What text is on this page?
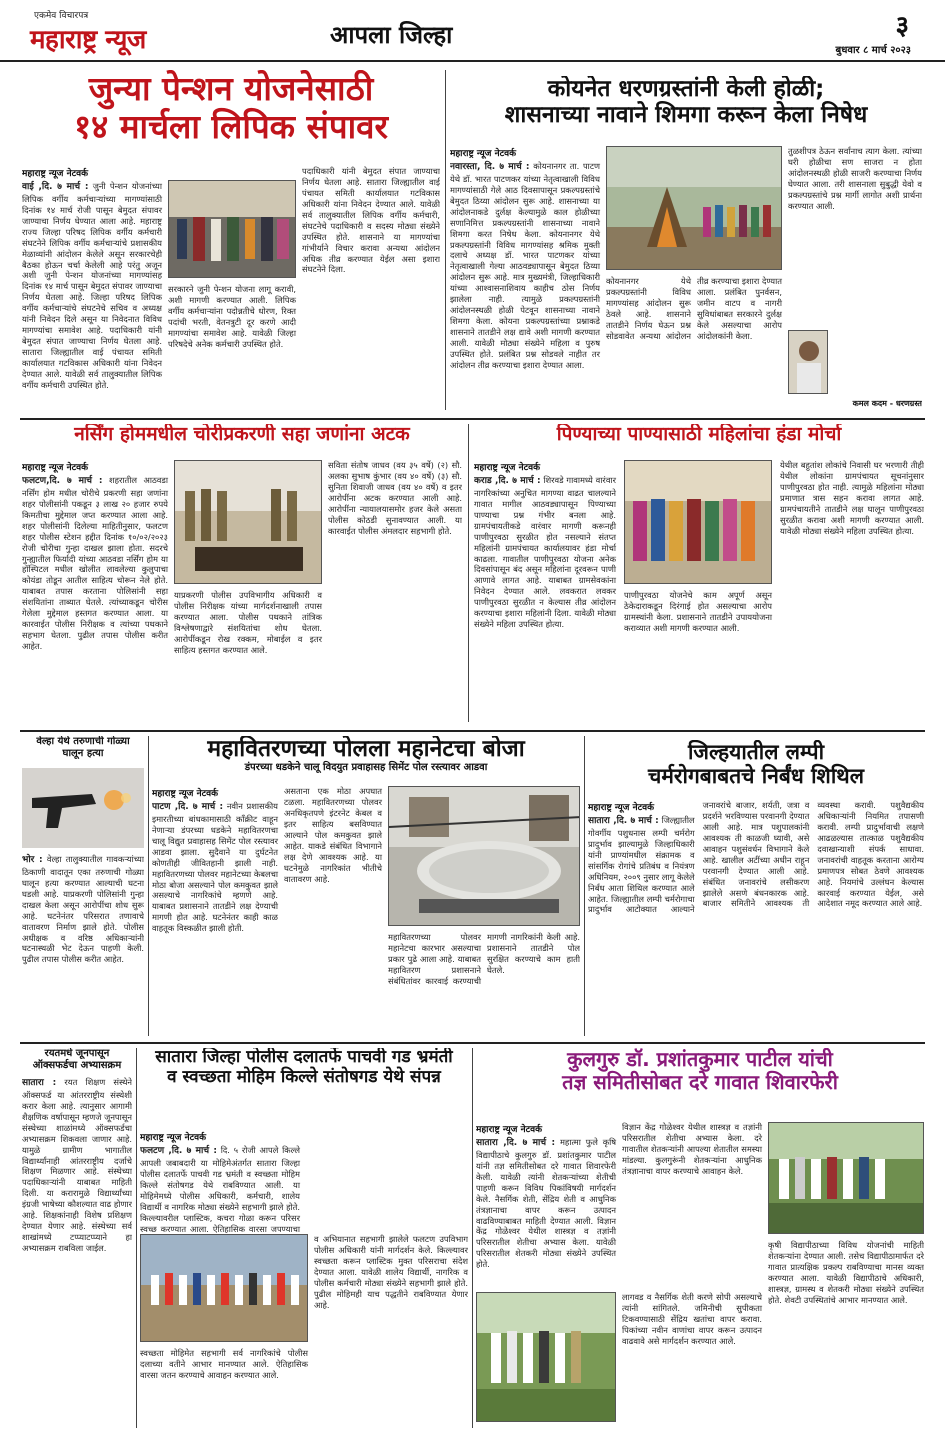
एकमेव विचारपत्र
महाराष्ट्र न्यूज	आपला जिल्हा	३
बुधवार ८ मार्च २०२३
जुन्या पेन्शन योजनेसाठी
१४ मार्चला लिपिक संपावर
महाराष्ट्र न्यूज नेटवर्क
वाई ,दि. ७ मार्च : जुनी पेन्शन योजनांच्या लिपिक वर्गीय कर्मचाऱ्यांच्या मागण्यांसाठी दिनांक १४ मार्च रोजी पासून बेमुदत संपावर जाण्याचा निर्णय घेण्यात आला आहे. महाराष्ट्र राज्य जिल्हा परिषद लिपिक वर्गीय कर्मचारी संघटनेने लिपिक वर्गीय कर्मचाऱ्यांचे प्रशासकीय मेळाव्यांनी आंदोलन केलेले असून सरकारचेही बैठका होऊन चर्चा केलेली आहे परंतु अजून अशी जुनी पेन्शन योजनांच्या मागण्यांसह दिनांक १४ मार्च पासून बेमुदत संपावर जाण्याचा निर्णय घेतला आहे. जिल्हा परिषद लिपिक वर्गीय कर्मचाऱ्यांचे संघटनेचे सचिव व अध्यक्ष यांनी निवेदन दिले असून या निवेदनात विविध मागण्यांचा समावेश आहे. पदाधिकारी यांनी बेमुदत संपात जाण्याचा निर्णय घेतला आहे. सातारा जिल्ह्यातील वाई पंचायत समिती कार्यालयात गटविकास अधिकारी यांना निवेदन देण्यात आले. यावेळी सर्व तालुक्यातील लिपिक वर्गीय कर्मचारी उपस्थित होते.
सरकारने जुनी पेन्शन योजना लागू करावी, अशी मागणी करण्यात आली. लिपिक वर्गीय कर्मचाऱ्यांना पदोन्नतीचे धोरण, रिक्त पदांची भरती, वेतनत्रुटी दूर करणे आदी मागण्यांचा समावेश आहे. यावेळी जिल्हा परिषदेचे अनेक कर्मचारी उपस्थित होते.
पदाधिकारी यांनी बेमुदत संपात जाण्याचा निर्णय घेतला आहे. सातारा जिल्ह्यातील वाई पंचायत समिती कार्यालयात गटविकास अधिकारी यांना निवेदन देण्यात आले. यावेळी सर्व तालुक्यातील लिपिक वर्गीय कर्मचारी, संघटनेचे पदाधिकारी व सदस्य मोठ्या संख्येने उपस्थित होते. शासनाने या मागण्यांचा गांभीर्याने विचार करावा अन्यथा आंदोलन अधिक तीव्र करण्यात येईल असा इशारा संघटनेने दिला.
कोयनेत धरणग्रस्तांनी केली होळी;
शासनाच्या नावाने शिमगा करून केला निषेध
महाराष्ट्र न्यूज नेटवर्क
नवारस्ता, दि. ७ मार्च : कोयनानगर ता. पाटण येथे डॉ. भारत पाटणकर यांच्या नेतृत्वाखाली विविध मागण्यांसाठी गेले आठ दिवसापासून प्रकल्पग्रस्तांचे बेमुदत ठिय्या आंदोलन सुरू आहे. शासनाच्या या आंदोलनाकडे दुर्लक्ष केल्यामुळे काल होळीच्या सणानिमित्त प्रकल्पग्रस्तांनी शासनाच्या नावाने शिमगा करत निषेध केला. कोयनानगर येथे प्रकल्पग्रस्तांनी विविध मागण्यांसह श्रमिक मुक्ती दलाचे अध्यक्ष डॉ. भारत पाटणकर यांच्या नेतृत्वाखाली गेल्या आठवड्यापासून बेमुदत ठिय्या आंदोलन सुरू आहे. मात्र मुख्यमंत्री, जिल्हाधिकारी यांच्या आश्वासनाशिवाय काहीच ठोस निर्णय झालेला नाही. त्यामुळे प्रकल्पग्रस्तांनी आंदोलनस्थळी होळी पेटवून शासनाच्या नावाने शिमगा केला. कोयना प्रकल्पग्रस्तांच्या प्रश्नाकडे शासनाने तातडीने लक्ष द्यावे अशी मागणी करण्यात आली. यावेळी मोठ्या संख्येने महिला व पुरुष उपस्थित होते. प्रलंबित प्रश्न सोडवले नाहीत तर आंदोलन तीव्र करण्याचा इशारा देण्यात आला.
कोयनानगर येथे प्रकल्पग्रस्तांनी विविध मागण्यांसह आंदोलन सुरू ठेवले आहे. शासनाने तातडीने निर्णय घेऊन प्रश्न सोडवावेत अन्यथा आंदोलन तीव्र करण्याचा इशारा देण्यात आला. प्रलंबित पुनर्वसन, जमीन वाटप व नागरी सुविधांबाबत सरकारने दुर्लक्ष केले असल्याचा आरोप आंदोलकांनी केला.
तुळशीपत्र ठेऊन सर्वांनाच त्याग केला. त्यांच्या घरी होळीचा सण साजरा न होता आंदोलनस्थळी होळी साजरी करण्याचा निर्णय घेण्यात आला. तरी शासनाला सुबुद्धी येवो व प्रकल्पग्रस्तांचे प्रश्न मार्गी लागोत अशी प्रार्थना करण्यात आली.
कमल कदम - धरणग्रस्त
नर्सिंग होममधील चोरीप्रकरणी सहा जणांना अटक
महाराष्ट्र न्यूज नेटवर्क
फलटण,दि. ७ मार्च : शहरातील आठवडा नर्सिंग होम मधील चोरीचे प्रकरणी सहा जणांना शहर पोलीसांनी पकडून ३ लाख २० हजार रुपये किमतीचा मुद्देमाल जप्त करण्यात आला आहे. शहर पोलीसांनी दिलेल्या माहितीनुसार, फलटण शहर पोलीस स्टेशन हद्दीत दिनांक १०/०२/२०२३ रोजी चोरीचा गुन्हा दाखल झाला होता. सदरचे गुन्ह्यातील फिर्यादी यांच्या आठवडा नर्सिंग होम या हॉस्पिटल मधील खोलीत लावलेल्या कुलुपाचा कोयंडा तोडून आतील साहित्य चोरून नेले होते. याबाबत तपास करताना पोलिसांनी सहा संशयितांना ताब्यात घेतले. त्यांच्याकडून चोरीस गेलेला मुद्देमाल हस्तगत करण्यात आला. या कारवाईत पोलीस निरीक्षक व त्यांच्या पथकाने सहभाग घेतला. पुढील तपास पोलीस करीत आहेत.
याप्रकरणी पोलीस उपविभागीय अधिकारी व पोलीस निरीक्षक यांच्या मार्गदर्शनाखाली तपास करण्यात आला. पोलीस पथकाने तांत्रिक विश्लेषणाद्वारे संशयितांचा शोध घेतला. आरोपींकडून रोख रक्कम, मोबाईल व इतर साहित्य हस्तगत करण्यात आले.
सविता संतोष जाधव (वय ३५ वर्षे) (२) सौ. अलका सुभाष कुंभार (वय ४० वर्षे) (३) सौ. सुनिता शिवाजी जाधव (वय ४० वर्षे) व इतर आरोपींना अटक करण्यात आली आहे. आरोपींना न्यायालयासमोर हजर केले असता पोलीस कोठडी सुनावण्यात आली. या कारवाईत पोलीस अंमलदार सहभागी होते.
पिण्याच्या पाण्यासाठी महिलांचा हंडा मोर्चा
महाराष्ट्र न्यूज नेटवर्क
कराड ,दि. ७ मार्च : शिरवडे गावामध्ये वारंवार नागरिकांच्या अनुचित मागण्या वाढत चालल्याने गावात मागील आठवड्यापासून पिण्याच्या पाण्याचा प्रश्न गंभीर बनला आहे. ग्रामपंचायतीकडे वारंवार मागणी करूनही पाणीपुरवठा सुरळीत होत नसल्याने संतप्त महिलांनी ग्रामपंचायत कार्यालयावर हंडा मोर्चा काढला. गावातील पाणीपुरवठा योजना अनेक दिवसांपासून बंद असून महिलांना दूरवरून पाणी आणावे लागत आहे. याबाबत ग्रामसेवकांना निवेदन देण्यात आले. लवकरात लवकर पाणीपुरवठा सुरळीत न केल्यास तीव्र आंदोलन करण्याचा इशारा महिलांनी दिला. यावेळी मोठ्या संख्येने महिला उपस्थित होत्या.
पाणीपुरवठा योजनेचे काम अपूर्ण असून ठेकेदाराकडून दिरंगाई होत असल्याचा आरोप ग्रामस्थांनी केला. प्रशासनाने तातडीने उपाययोजना कराव्यात अशी मागणी करण्यात आली.
येथील बहुतांश लोकांचे निवासी घर भरणारी तीही येथील लोकांना ग्रामपंचायत सूचनांनुसार पाणीपुरवठा होत नाही. त्यामुळे महिलांना मोठ्या प्रमाणात त्रास सहन करावा लागत आहे. ग्रामपंचायतीने तातडीने लक्ष घालून पाणीपुरवठा सुरळीत करावा अशी मागणी करण्यात आली. यावेळी मोठ्या संख्येने महिला उपस्थित होत्या.
वेल्हा येथे तरुणाची गोळ्या
घालून हत्या
भोर : वेल्हा तालुक्यातील गावकऱ्यांच्या ठिकाणी वादातून एका तरुणाची गोळ्या घालून हत्या करण्यात आल्याची घटना घडली आहे. याप्रकरणी पोलिसांनी गुन्हा दाखल केला असून आरोपींचा शोध सुरू आहे. घटनेनंतर परिसरात तणावाचे वातावरण निर्माण झाले होते. पोलीस अधीक्षक व वरिष्ठ अधिकाऱ्यांनी घटनास्थळी भेट देऊन पाहणी केली. पुढील तपास पोलीस करीत आहेत.
महावितरणच्या पोलला महानेटचा बोजा
डंपरच्या धडकेने चालू विदयुत प्रवाहासह सिमेंट पोल रस्त्यावर आडवा
महाराष्ट्र न्यूज नेटवर्क
पाटण ,दि. ७ मार्च : नवीन प्रशासकीय इमारतीच्या बांधकामासाठी काँक्रीट वाहून नेणाऱ्या डंपरच्या धडकेने महावितरणचा चालू विद्युत प्रवाहासह सिमेंट पोल रस्त्यावर आडवा झाला. सुदैवाने या दुर्घटनेत कोणतीही जीवितहानी झाली नाही. महावितरणच्या पोलवर महानेटच्या केबलचा मोठा बोजा असल्याने पोल कमकुवत झाले असल्याचे नागरिकांचे म्हणणे आहे. याबाबत प्रशासनाने तातडीने लक्ष देण्याची मागणी होत आहे. घटनेनंतर काही काळ वाहतूक विस्कळीत झाली होती.
असताना एक मोठा अपघात टळला. महावितरणच्या पोलवर अनधिकृतपणे इंटरनेट केबल व इतर साहित्य बसविण्यात आल्याने पोल कमकुवत झाले आहेत. याकडे संबंधित विभागाने लक्ष देणे आवश्यक आहे. या घटनेमुळे नागरिकांत भीतीचे वातावरण आहे.
महावितरणच्या पोलवर महानेटचा कारभार असल्याचा प्रकार पुढे आला आहे. याबाबत महावितरण प्रशासनाने संबंधितांवर कारवाई करण्याची मागणी नागरिकांनी केली आहे. प्रशासनाने तातडीने पोल सुरक्षित करण्याचे काम हाती घेतले.
जिल्हयातील लम्पी
चर्मरोगबाबतचे निर्बंध शिथिल
महाराष्ट्र न्यूज नेटवर्क
सातारा ,दि. ७ मार्च : जिल्ह्यातील गोवर्गीय पशुधनास लम्पी चर्मरोग प्रादुर्भाव झाल्यामुळे जिल्हाधिकारी यांनी प्राण्यांमधील संक्रामक व सांसर्गिक रोगांचे प्रतिबंध व नियंत्रण अधिनियम, २००९ नुसार लागू केलेले निर्बंध आता शिथिल करण्यात आले आहेत. जिल्ह्यातील लम्पी चर्मरोगाचा प्रादुर्भाव आटोक्यात आल्याने जनावरांचे बाजार, शर्यती, जत्रा व प्रदर्शने भरविण्यास परवानगी देण्यात आली आहे. मात्र पशुपालकांनी आवश्यक ती काळजी घ्यावी, असे आवाहन पशुसंवर्धन विभागाने केले आहे. खालील अटींच्या अधीन राहून परवानगी देण्यात आली आहे. संबंधित जनावरांचे लसीकरण झालेले असणे बंधनकारक आहे. बाजार समितीने आवश्यक ती व्यवस्था करावी. पशुवैद्यकीय अधिकाऱ्यांनी नियमित तपासणी करावी. लम्पी प्रादुर्भावाची लक्षणे आढळल्यास तात्काळ पशुवैद्यकीय दवाखान्याशी संपर्क साधावा. जनावरांची वाहतूक करताना आरोग्य प्रमाणपत्र सोबत ठेवणे आवश्यक आहे. नियमांचे उल्लंघन केल्यास कारवाई करण्यात येईल, असे आदेशात नमूद करण्यात आले आहे.
रयतमधे जूनपासून
ऑक्सफर्डचा अभ्यासक्रम
सातारा : रयत शिक्षण संस्थेने ऑक्सफर्ड या आंतरराष्ट्रीय संस्थेशी करार केला आहे. त्यानुसार आगामी शैक्षणिक वर्षापासून म्हणजे जूनपासून संस्थेच्या शाळांमध्ये ऑक्सफर्डचा अभ्यासक्रम शिकवला जाणार आहे. यामुळे ग्रामीण भागातील विद्यार्थ्यांनाही आंतरराष्ट्रीय दर्जाचे शिक्षण मिळणार आहे. संस्थेच्या पदाधिकाऱ्यांनी याबाबत माहिती दिली. या करारामुळे विद्यार्थ्यांच्या इंग्रजी भाषेच्या कौशल्यात वाढ होणार आहे. शिक्षकांनाही विशेष प्रशिक्षण देण्यात येणार आहे. संस्थेच्या सर्व शाखांमध्ये टप्प्याटप्प्याने हा अभ्यासक्रम राबविला जाईल.
सातारा जिल्हा पोलीस दलातर्फे पाचवी गड भ्रमंती
व स्वच्छता मोहिम किल्ले संतोषगड येथे संपन्न
महाराष्ट्र न्यूज नेटवर्क
फलटण ,दि. ७ मार्च : दि. ५ रोजी आपले किल्ले आपली जबाबदारी या मोहिमेअंतर्गत सातारा जिल्हा पोलीस दलातर्फे पाचवी गड भ्रमंती व स्वच्छता मोहिम किल्ले संतोषगड येथे राबविण्यात आली. या मोहिमेमध्ये पोलीस अधिकारी, कर्मचारी, शालेय विद्यार्थी व नागरिक मोठ्या संख्येने सहभागी झाले होते. किल्ल्यावरील प्लास्टिक, कचरा गोळा करून परिसर स्वच्छ करण्यात आला. ऐतिहासिक वारसा जपण्याचा
व अभियानात सहभागी झालेले फलटण उपविभाग पोलीस अधिकारी यांनी मार्गदर्शन केले. किल्ल्यावर स्वच्छता करून प्लास्टिक मुक्त परिसराचा संदेश देण्यात आला. यावेळी शालेय विद्यार्थी, नागरिक व पोलीस कर्मचारी मोठ्या संख्येने सहभागी झाले होते. पुढील मोहिमही याच पद्धतीने राबविण्यात येणार आहे.
स्वच्छता मोहिमेत सहभागी सर्व नागरिकांचे पोलीस दलाच्या वतीने आभार मानण्यात आले. ऐतिहासिक वारसा जतन करण्याचे आवाहन करण्यात आले.
कुलगुरु डॉ. प्रशांतकुमार पाटील यांची
तज्ञ समितीसोबत दरे गावात शिवारफेरी
महाराष्ट्र न्यूज नेटवर्क
सातारा ,दि. ७ मार्च : महात्मा फुले कृषि विद्यापीठाचे कुलगुरु डॉ. प्रशांतकुमार पाटील यांनी तज्ञ समितीसोबत दरे गावात शिवारफेरी केली. यावेळी त्यांनी शेतकऱ्यांच्या शेतीची पाहणी करून विविध पिकांविषयी मार्गदर्शन केले. नैसर्गिक शेती, सेंद्रिय शेती व आधुनिक तंत्रज्ञानाचा वापर करून उत्पादन वाढविण्याबाबत माहिती देण्यात आली. विज्ञान केंद्र गोळेश्वर येथील शास्त्रज्ञ व तज्ञांनी परिसरातील शेतीचा अभ्यास केला. यावेळी परिसरातील शेतकरी मोठ्या संख्येने उपस्थित होते.
विज्ञान केंद्र गोळेश्वर येथील शास्त्रज्ञ व तज्ञांनी परिसरातील शेतीचा अभ्यास केला. दरे गावातील शेतकऱ्यांनी आपल्या शेतातील समस्या मांडल्या. कुलगुरूंनी शेतकऱ्यांना आधुनिक तंत्रज्ञानाचा वापर करण्याचे आवाहन केले.
लागवड व नैसर्गिक शेती करणे सोपी असल्याचे त्यांनी सांगितले. जमिनीची सुपीकता टिकवण्यासाठी सेंद्रिय खतांचा वापर करावा. पिकांच्या नवीन वाणांचा वापर करून उत्पादन वाढवावे असे मार्गदर्शन करण्यात आले.
कृषी विद्यापीठाच्या विविध योजनांची माहिती शेतकऱ्यांना देण्यात आली. तसेच विद्यापीठामार्फत दरे गावात प्रात्यक्षिक प्रकल्प राबविण्याचा मानस व्यक्त करण्यात आला. यावेळी विद्यापीठाचे अधिकारी, शास्त्रज्ञ, ग्रामस्थ व शेतकरी मोठ्या संख्येने उपस्थित होते. शेवटी उपस्थितांचे आभार मानण्यात आले.
